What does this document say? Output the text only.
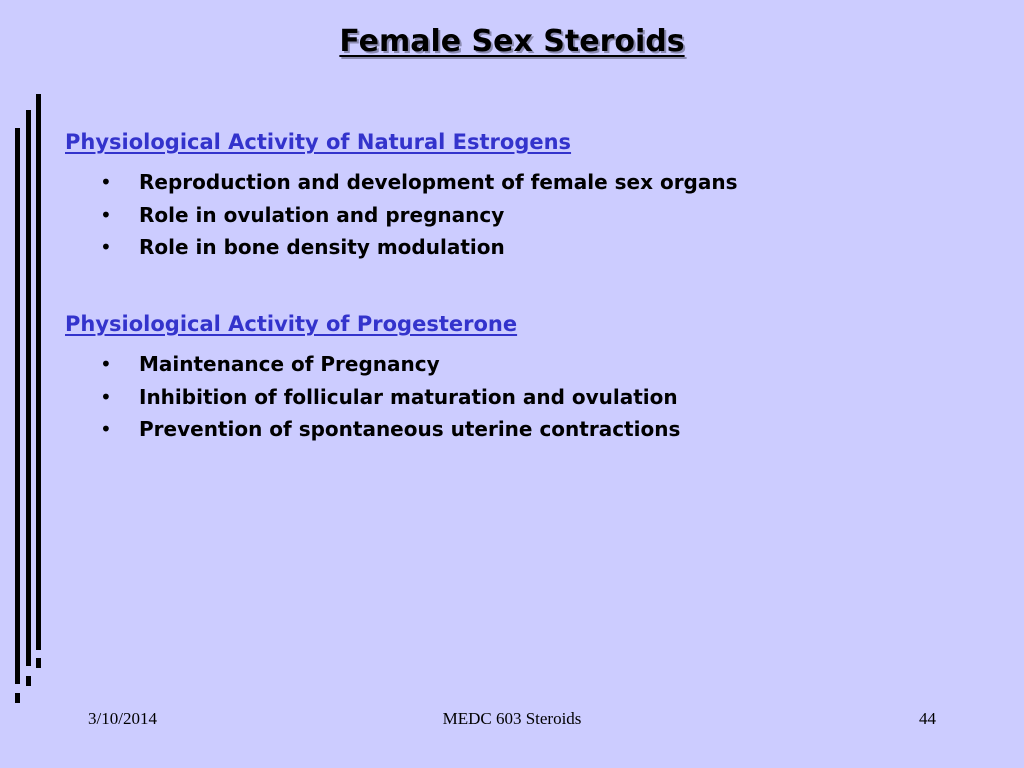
Female Sex Steroids
Physiological Activity of Natural Estrogens
• Reproduction and development of female sex organs
• Role in ovulation and pregnancy
• Role in bone density modulation
Physiological Activity of Progesterone
• Maintenance of Pregnancy
• Inhibition of follicular maturation and ovulation
• Prevention of spontaneous uterine contractions
3/10/2014	MEDC 603 Steroids	44
